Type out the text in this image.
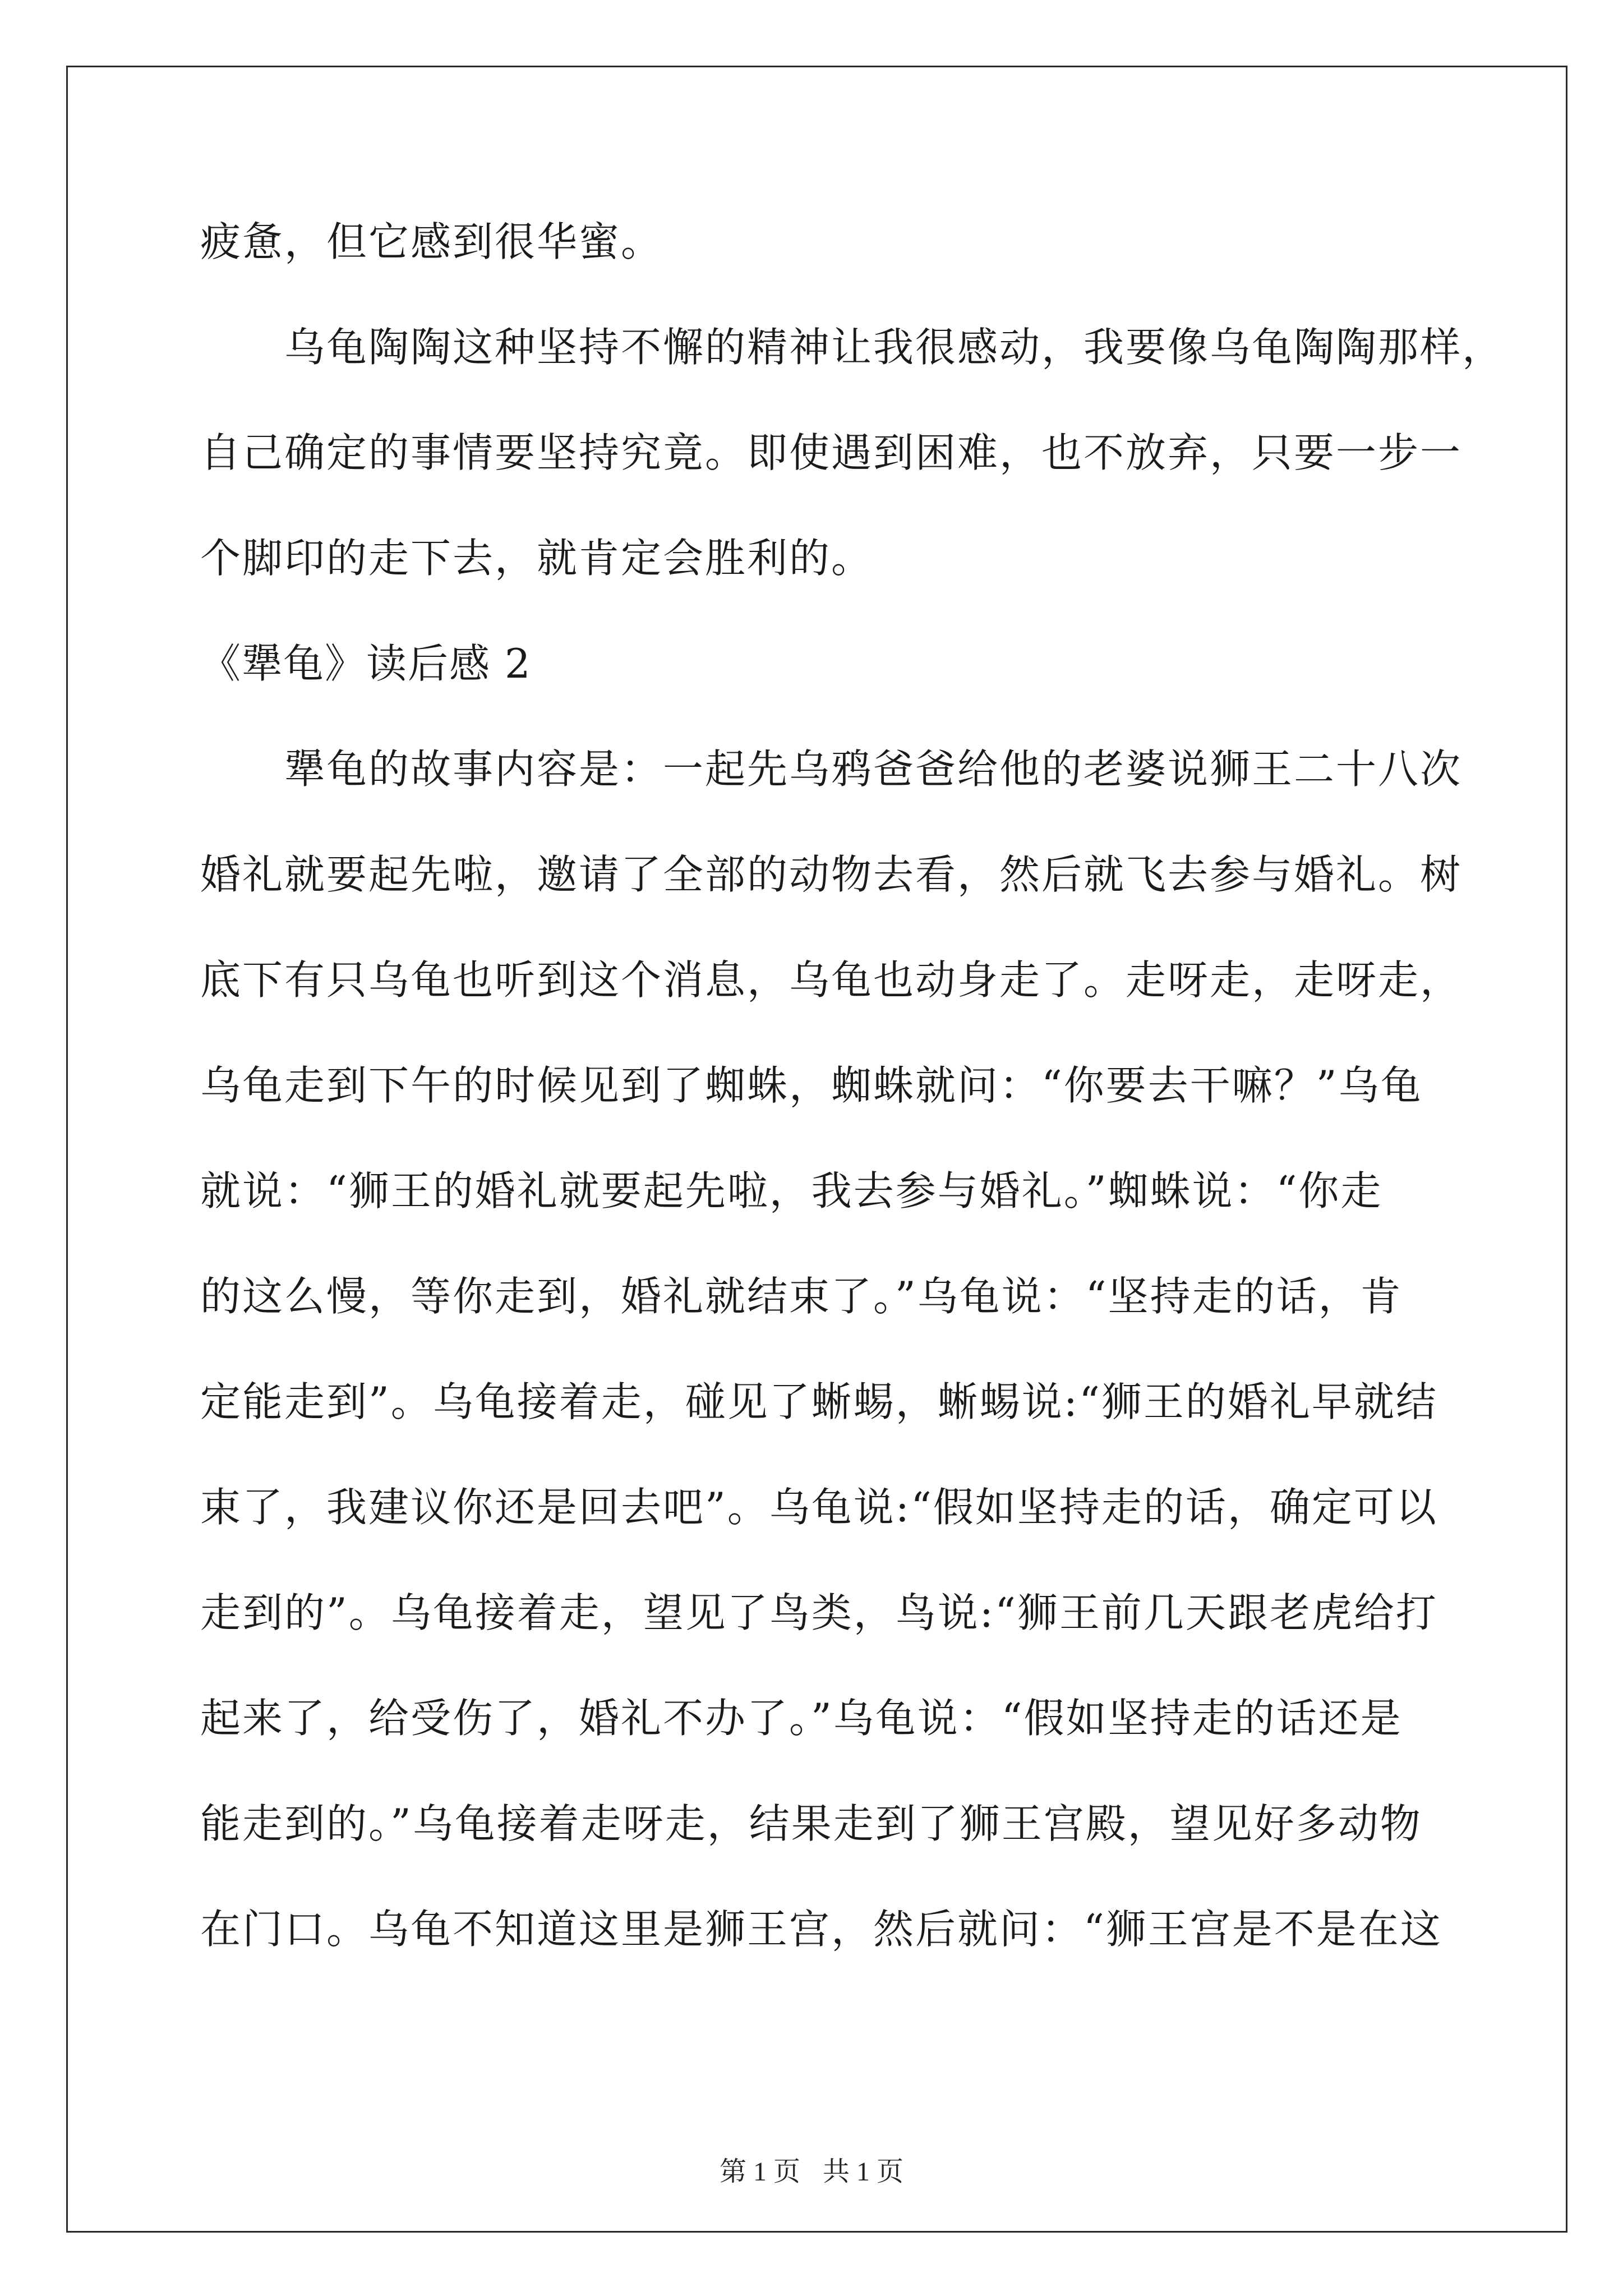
疲惫，但它感到很华蜜。
乌龟陶陶这种坚持不懈的精神让我很感动，我要像乌龟陶陶那样，
自己确定的事情要坚持究竟。即使遇到困难，也不放弃，只要一步一
个脚印的走下去，就肯定会胜利的。
《犟龟》读后感 2
犟龟的故事内容是：一起先乌鸦爸爸给他的老婆说狮王二十八次
婚礼就要起先啦，邀请了全部的动物去看，然后就飞去参与婚礼。树
底下有只乌龟也听到这个消息，乌龟也动身走了。走呀走，走呀走，
乌龟走到下午的时候见到了蜘蛛，蜘蛛就问：“你要去干嘛？”乌龟
就说：“狮王的婚礼就要起先啦，我去参与婚礼。”蜘蛛说：“你走
的这么慢，等你走到，婚礼就结束了。”乌龟说：“坚持走的话，肯
定能走到”。乌龟接着走，碰见了蜥蜴，蜥蜴说:“狮王的婚礼早就结
束了，我建议你还是回去吧”。乌龟说:“假如坚持走的话，确定可以
走到的”。乌龟接着走，望见了鸟类，鸟说:“狮王前几天跟老虎给打
起来了，给受伤了，婚礼不办了。”乌龟说：“假如坚持走的话还是
能走到的。”乌龟接着走呀走，结果走到了狮王宫殿，望见好多动物
在门口。乌龟不知道这里是狮王宫，然后就问：“狮王宫是不是在这
第 1 页 共 1 页
